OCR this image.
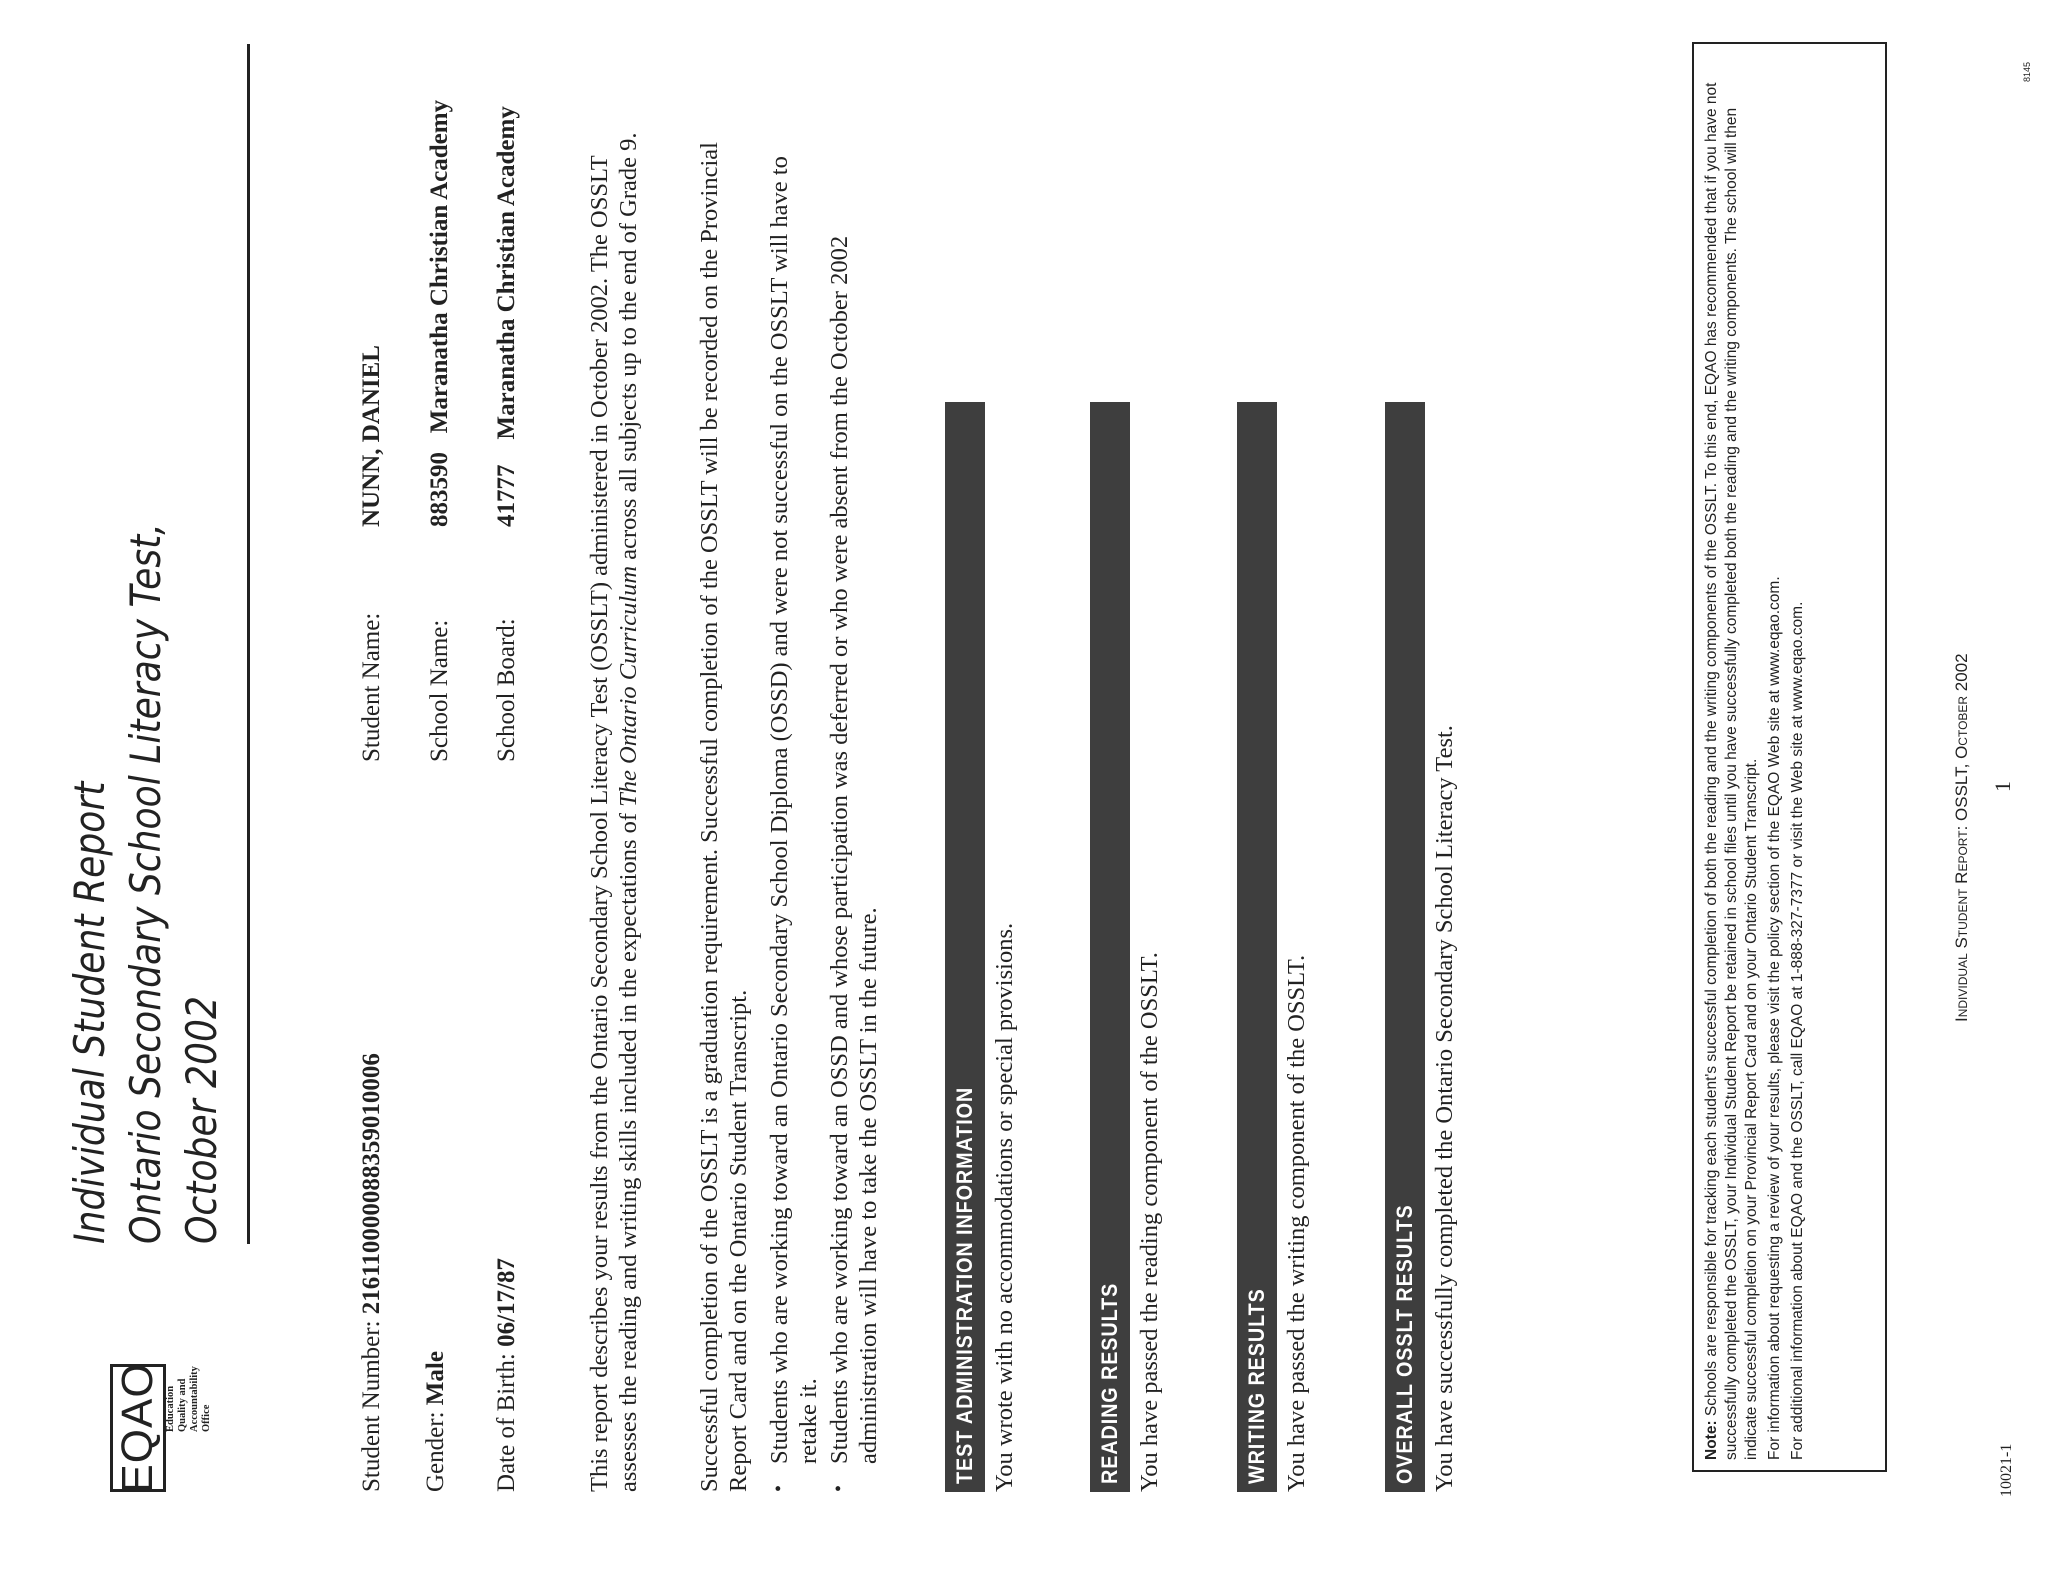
EQAO Education
Quality and
Accountability
Office
Individual Student Report Ontario Secondary School Literacy Test, October 2002
Student Number: 216110000088359010006
Gender: Male Date of Birth: 06/17/87
Student Name:
NUNN, DANIEL
School Name:
883590   Maranatha Christian Academy
School Board:
41777    Maranatha Christian Academy	This report describes your results from the Ontario Secondary School Literacy Test (OSSLT) administered in October 2002. The OSSLT assesses the reading and writing skills included in the expectations of The Ontario Curriculum across all subjects up to the end of Grade 9. Successful completion of the OSSLT is a graduation requirement. Successful completion of the OSSLT will be recorded on the Provincial Report Card and on the Ontario Student Transcript. • Students who are working toward an Ontario Secondary School Diploma (OSSD) and were not successful on the OSSLT will have to retake it. • Students who are working toward an OSSD and whose participation was deferred or who were absent from the October 2002 administration will have to take the OSSLT in the future.	TEST ADMINISTRATION INFORMATION You wrote with no accommodations or special provisions.	READING RESULTS You have passed the reading component of the OSSLT.	WRITING RESULTS You have passed the writing component of the OSSLT.	OVERALL OSSLT RESULTS You have successfully completed the Ontario Secondary School Literacy Test.	Note: Schools are responsible for tracking each student's successful completion of both the reading and the writing components of the OSSLT. To this end, EQAO has recommended that if you have not successfully completed the OSSLT, your Individual Student Report be retained in school files until you have successfully completed both the reading and the writing components. The school will then indicate successful completion on your Provincial Report Card and on your Ontario Student Transcript. For information about requesting a review of your results, please visit the policy section of the EQAO Web site at www.eqao.com. For additional information about EQAO and the OSSLT, call EQAO at 1-888-327-7377 or visit the Web site at www.eqao.com.	Individual Student Report: OSSLT, October 2002 1
10021-1
8145
